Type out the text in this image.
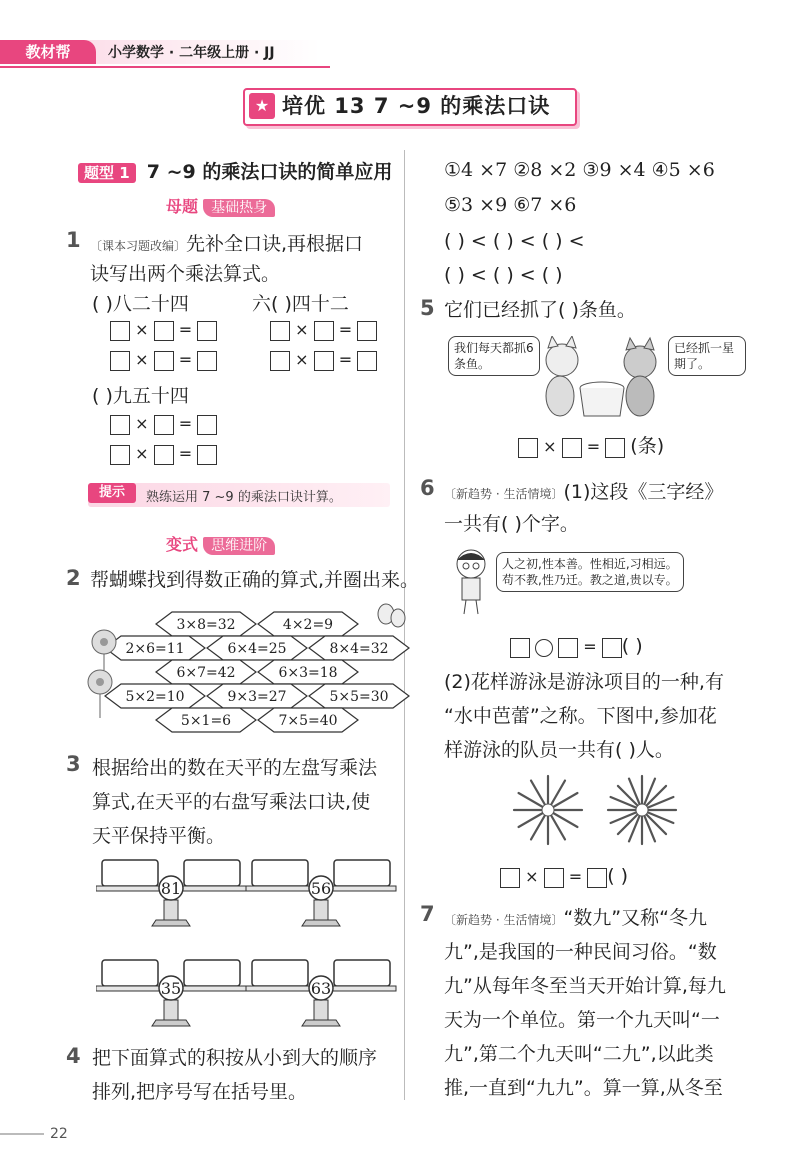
教材帮	小学数学 · 二年级上册 · JJ
★ 培优 13 7 ~9 的乘法口诀
题型 1 7 ~9 的乘法口诀的简单应用
母题 基础热身
1 〔课本习题改编〕先补全口诀,再根据口
诀写出两个乘法算式。
( )八二十四	六( )四十二
( )九五十四
× =
× =
× =
× =
× =
× =
提示	熟练运用 7 ~9 的乘法口诀计算。
变式 思维进阶
2 帮蝴蝶找到得数正确的算式,并圈出来。
3×8=32	4×2=9
2×6=11	6×4=25	8×4=32
6×7=42	6×3=18
5×2=10	9×3=27	5×5=30
5×1=6	7×5=40
3 根据给出的数在天平的左盘写乘法
算式,在天平的右盘写乘法口诀,使
天平保持平衡。
81	56
35	63
4 把下面算式的积按从小到大的顺序
排列,把序号写在括号里。
①4 ×7 ②8 ×2 ③9 ×4 ④5 ×6
⑤3 ×9 ⑥7 ×6
( ) < ( ) < ( ) <
( ) < ( ) < ( )
5 它们已经抓了( )条鱼。
我们每天都抓6条鱼。
已经抓一星期了。
× = (条)
6 〔新趋势 · 生活情境〕(1)这段《三字经》
一共有( )个字。
人之初,性本善。性相近,习相远。
苟不教,性乃迁。教之道,贵以专。
= ( )
(2)花样游泳是游泳项目的一种,有
“水中芭蕾”之称。下图中,参加花
样游泳的队员一共有( )人。
× = ( )
7 〔新趋势 · 生活情境〕“数九”又称“冬九
九”,是我国的一种民间习俗。“数
九”从每年冬至当天开始计算,每九
天为一个单位。第一个九天叫“一
九”,第二个九天叫“二九”,以此类
推,一直到“九九”。算一算,从冬至
22
